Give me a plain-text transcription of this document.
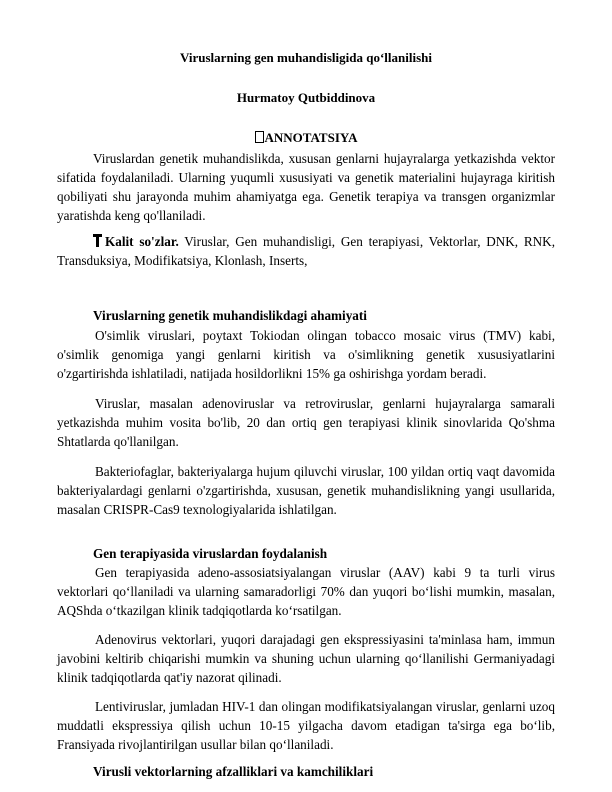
Viruslarning gen muhandisligida qo‘llanilishi
Hurmatoy Qutbiddinova
ANNOTATSIYA
Viruslardan genetik muhandislikda, xususan genlarni hujayralarga yetkazishda vektor sifatida foydalaniladi. Ularning yuqumli xususiyati va genetik materialini hujayraga kiritish qobiliyati shu jarayonda muhim ahamiyatga ega. Genetik terapiya va transgen organizmlar yaratishda keng qo'llaniladi.
Kalit so'zlar. Viruslar, Gen muhandisligi, Gen terapiyasi, Vektorlar, DNK, RNK, Transduksiya, Modifikatsiya, Klonlash, Inserts,
Viruslarning genetik muhandislikdagi ahamiyati
O'simlik viruslari, poytaxt Tokiodan olingan tobacco mosaic virus (TMV) kabi, o'simlik genomiga yangi genlarni kiritish va o'simlikning genetik xususiyatlarini o'zgartirishda ishlatiladi, natijada hosildorlikni 15% ga oshirishga yordam beradi.
Viruslar, masalan adenoviruslar va retroviruslar, genlarni hujayralarga samarali yetkazishda muhim vosita bo'lib, 20 dan ortiq gen terapiyasi klinik sinovlarida Qo'shma Shtatlarda qo'llanilgan.
Bakteriofaglar, bakteriyalarga hujum qiluvchi viruslar, 100 yildan ortiq vaqt davomida bakteriyalardagi genlarni o'zgartirishda, xususan, genetik muhandislikning yangi usullarida, masalan CRISPR-Cas9 texnologiyalarida ishlatilgan.
Gen terapiyasida viruslardan foydalanish
Gen terapiyasida adeno-assosiatsiyalangan viruslar (AAV) kabi 9 ta turli virus vektorlari qo‘llaniladi va ularning samaradorligi 70% dan yuqori bo‘lishi mumkin, masalan, AQShda o‘tkazilgan klinik tadqiqotlarda ko‘rsatilgan.
Adenovirus vektorlari, yuqori darajadagi gen ekspressiyasini ta'minlasa ham, immun javobini keltirib chiqarishi mumkin va shuning uchun ularning qo‘llanilishi Germaniyadagi klinik tadqiqotlarda qat'iy nazorat qilinadi.
Lentiviruslar, jumladan HIV-1 dan olingan modifikatsiyalangan viruslar, genlarni uzoq muddatli ekspressiya qilish uchun 10-15 yilgacha davom etadigan ta'sirga ega bo‘lib, Fransiyada rivojlantirilgan usullar bilan qo‘llaniladi.
Virusli vektorlarning afzalliklari va kamchiliklari
